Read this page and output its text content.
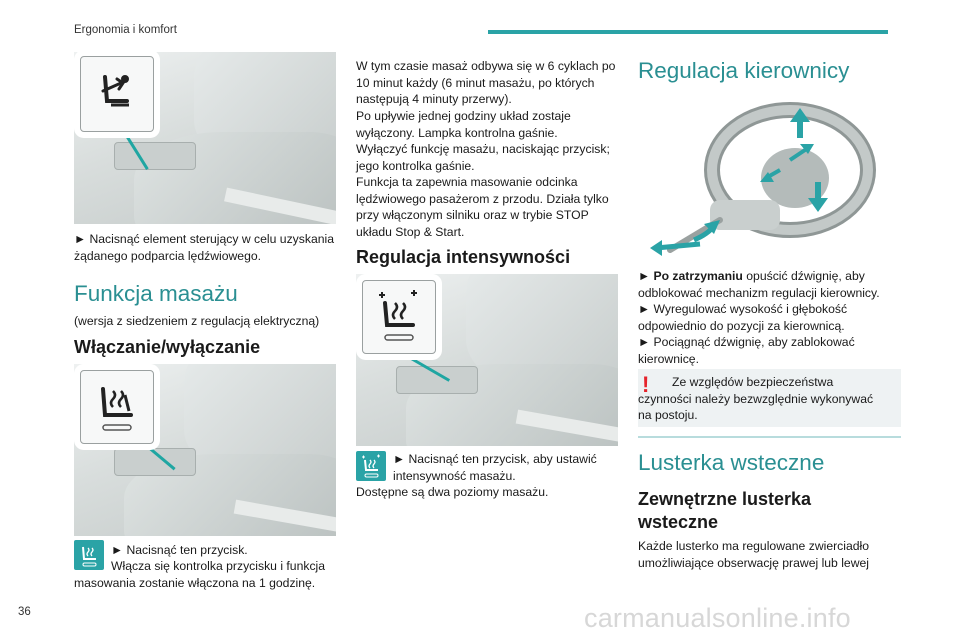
Ergonomia i komfort
► Nacisnąć element sterujący w celu uzyskania żądanego podparcia lędźwiowego.
Funkcja masażu
(wersja z siedzeniem z regulacją elektryczną)
Włączanie/wyłączanie
► Nacisnąć ten przycisk.
Włącza się kontrolka przycisku i funkcja masowania zostanie włączona na 1 godzinę.
W tym czasie masaż odbywa się w 6 cyklach po 10 minut każdy (6 minut masażu, po których następują 4 minuty przerwy).
Po upływie jednej godziny układ zostaje wyłączony. Lampka kontrolna gaśnie.
Wyłączyć funkcję masażu, naciskając przycisk; jego kontrolka gaśnie.
Funkcja ta zapewnia masowanie odcinka lędźwiowego pasażerom z przodu. Działa tylko przy włączonym silniku oraz w trybie STOP układu Stop & Start.
Regulacja intensywności
► Nacisnąć ten przycisk, aby ustawić intensywność masażu.
Dostępne są dwa poziomy masażu.
Regulacja kierownicy
► Po zatrzymaniu opuścić dźwignię, aby odblokować mechanizm regulacji kierownicy.
► Wyregulować wysokość i głębokość odpowiednio do pozycji za kierownicą.
► Pociągnąć dźwignię, aby zablokować kierownicę.
!	Ze względów bezpieczeństwa czynności należy bezwzględnie wykonywać na postoju.
Lusterka wsteczne
Zewnętrzne lusterka wsteczne
Każde lusterko ma regulowane zwierciadło umożliwiające obserwację prawej lub lewej
36	carmanualsonline.info
